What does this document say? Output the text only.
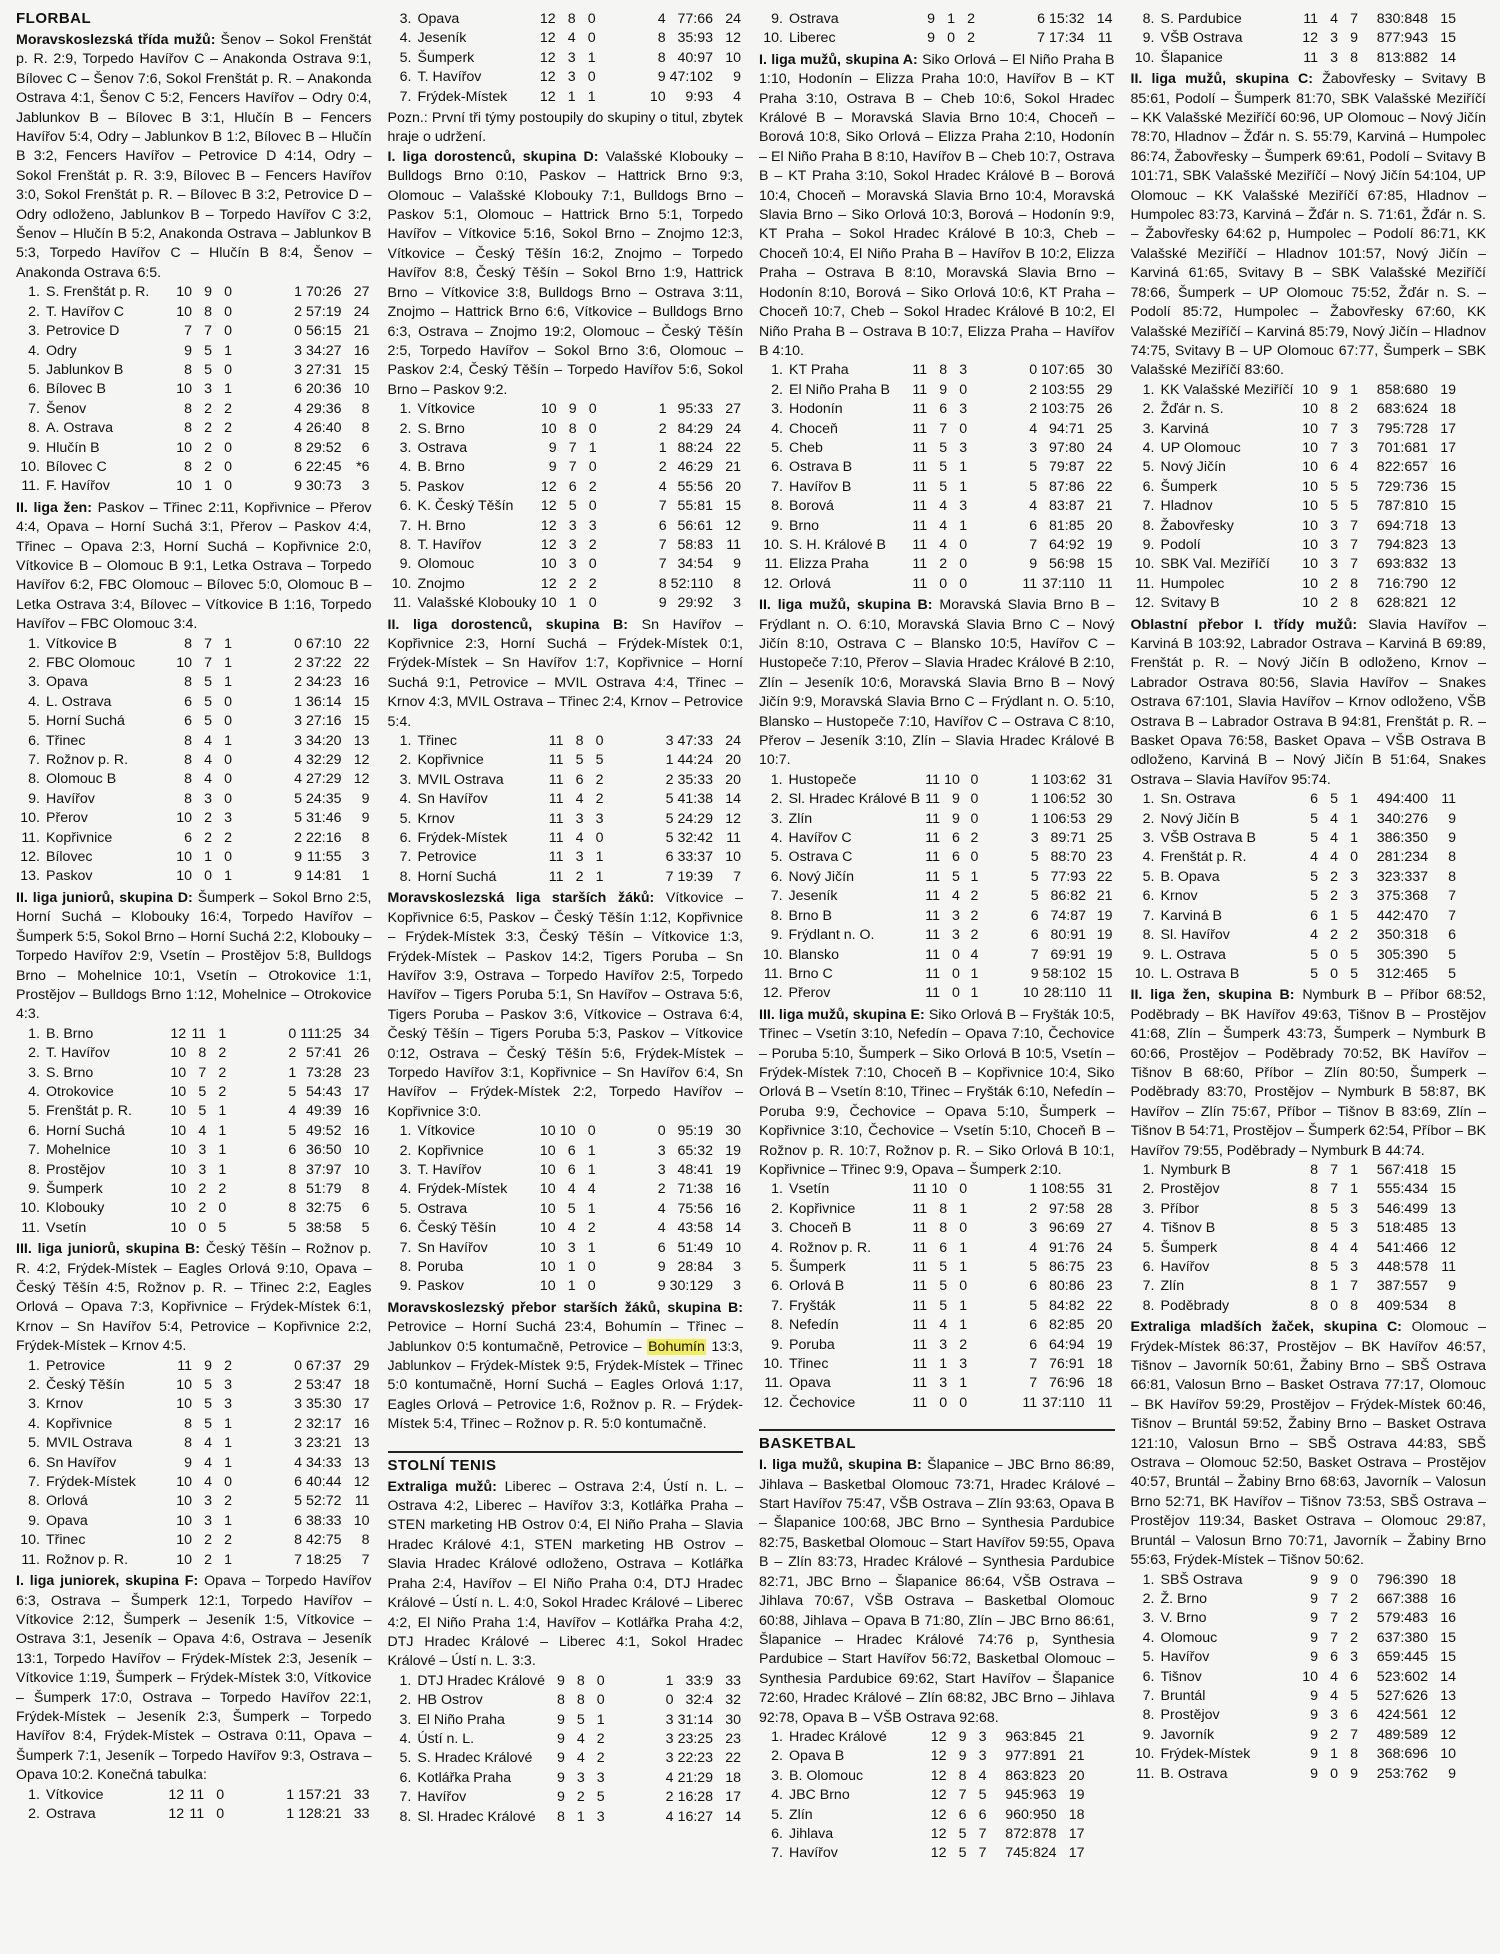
FLORBAL

Moravskoslezská třída mužů: Šenov – Sokol Frenštát p. R. 2:9, Torpedo Havířov C – Anakonda Ostrava 9:1, Bílovec C – Šenov 7:6, Sokol Frenštát p. R. – Anakonda Ostrava 4:1, Šenov C 5:2, Fencers Havířov – Odry 0:4, Jablunkov B – Bílovec B 3:1, Hlučín B – Fencers Havířov 5:4, Odry – Jablunkov B 1:2, Bílovec B – Hlučín B 3:2, Fencers Havířov – Petrovice D 4:14, Odry – Sokol Frenštát p. R. 3:9, Bílovec B – Fencers Havířov 3:0, Sokol Frenštát p. R. – Bílovec B 3:2, Petrovice D – Odry odloženo, Jablunkov B – Torpedo Havířov C 3:2, Šenov – Hlučín B 5:2, Anakonda Ostrava – Jablunkov B 5:3, Torpedo Havířov C – Hlučín B 8:4, Šenov – Anakonda Ostrava 6:5.

1.	S. Frenštát p. R.	10	9	0	1	70:26	27
2.	T. Havířov C	10	8	0	2	57:19	24
3.	Petrovice D	7	7	0	0	56:15	21
4.	Odry	9	5	1	3	34:27	16
5.	Jablunkov B	8	5	0	3	27:31	15
6.	Bílovec B	10	3	1	6	20:36	10
7.	Šenov	8	2	2	4	29:36	8
8.	A. Ostrava	8	2	2	4	26:40	8
9.	Hlučín B	10	2	0	8	29:52	6
10.	Bílovec C	8	2	0	6	22:45	*6
11.	F. Havířov	10	1	0	9	30:73	3

II. liga žen: Paskov – Třinec 2:11, Kopřivnice – Přerov 4:4, Opava – Horní Suchá 3:1, Přerov – Paskov 4:4, Třinec – Opava 2:3, Horní Suchá – Kopřivnice 2:0, Vítkovice B – Olomouc B 9:1, Letka Ostrava – Torpedo Havířov 6:2, FBC Olomouc – Bílovec 5:0, Olomouc B – Letka Ostrava 3:4, Bílovec – Vítkovice B 1:16, Torpedo Havířov – FBC Olomouc 3:4.

1.	Vítkovice B	8	7	1	0	67:10	22
2.	FBC Olomouc	10	7	1	2	37:22	22
3.	Opava	8	5	1	2	34:23	16
4.	L. Ostrava	6	5	0	1	36:14	15
5.	Horní Suchá	6	5	0	3	27:16	15
6.	Třinec	8	4	1	3	34:20	13
7.	Rožnov p. R.	8	4	0	4	32:29	12
8.	Olomouc B	8	4	0	4	27:29	12
9.	Havířov	8	3	0	5	24:35	9
10.	Přerov	10	2	3	5	31:46	9
11.	Kopřivnice	6	2	2	2	22:16	8
12.	Bílovec	10	1	0	9	11:55	3
13.	Paskov	10	0	1	9	14:81	1

II. liga juniorů, skupina D: Šumperk – Sokol Brno 2:5, Horní Suchá – Klobouky 16:4, Torpedo Havířov – Šumperk 5:5, Sokol Brno – Horní Suchá 2:2, Klobouky – Torpedo Havířov 2:9, Vsetín – Prostějov 5:8, Bulldogs Brno – Mohelnice 10:1, Vsetín – Otrokovice 1:1, Prostějov – Bulldogs Brno 1:12, Mohelnice – Otrokovice 4:3.

1.	B. Brno	12	11	1	0	111:25	34
2.	T. Havířov	10	8	2	2	57:41	26
3.	S. Brno	10	7	2	1	73:28	23
4.	Otrokovice	10	5	2	5	54:43	17
5.	Frenštát p. R.	10	5	1	4	49:39	16
6.	Horní Suchá	10	4	1	5	49:52	16
7.	Mohelnice	10	3	1	6	36:50	10
8.	Prostějov	10	3	1	8	37:97	10
9.	Šumperk	10	2	2	8	51:79	8
10.	Klobouky	10	2	0	8	32:75	6
11.	Vsetín	10	0	5	5	38:58	5

III. liga juniorů, skupina B: Český Těšín – Rožnov p. R. 4:2, Frýdek-Místek – Eagles Orlová 9:10, Opava – Český Těšín 4:5, Rožnov p. R. – Třinec 2:2, Eagles Orlová – Opava 7:3, Kopřivnice – Frýdek-Místek 6:1, Krnov – Sn Havířov 5:4, Petrovice – Kopřivnice 2:2, Frýdek-Místek – Krnov 4:5.

1.	Petrovice	11	9	2	0	67:37	29
2.	Český Těšín	10	5	3	2	53:47	18
3.	Krnov	10	5	3	3	35:30	17
4.	Kopřivnice	8	5	1	2	32:17	16
5.	MVIL Ostrava	8	4	1	3	23:21	13
6.	Sn Havířov	9	4	1	4	34:33	13
7.	Frýdek-Místek	10	4	0	6	40:44	12
8.	Orlová	10	3	2	5	52:72	11
9.	Opava	10	3	1	6	38:33	10
10.	Třinec	10	2	2	8	42:75	8
11.	Rožnov p. R.	10	2	1	7	18:25	7

I. liga juniorek, skupina F: Opava – Torpedo Havířov 6:3, Ostrava – Šumperk 12:1, Torpedo Havířov – Vítkovice 2:12, Šumperk – Jeseník 1:5, Vítkovice – Ostrava 3:1, Jeseník – Opava 4:6, Ostrava – Jeseník 13:1, Torpedo Havířov – Frýdek-Místek 2:3, Jeseník – Vítkovice 1:19, Šumperk – Frýdek-Místek 3:0, Vítkovice – Šumperk 17:0, Ostrava – Torpedo Havířov 22:1, Frýdek-Místek – Jeseník 2:3, Šumperk – Torpedo Havířov 8:4, Frýdek-Místek – Ostrava 0:11, Opava – Šumperk 7:1, Jeseník – Torpedo Havířov 9:3, Ostrava – Opava 10:2. Konečná tabulka:

1.	Vítkovice	12	11	0	1	157:21	33
2.	Ostrava	12	11	0	1	128:21	33
3.	Opava	12	8	0	4	77:66	24
4.	Jeseník	12	4	0	8	35:93	12
5.	Šumperk	12	3	1	8	40:97	10
6.	T. Havířov	12	3	0	9	47:102	9
7.	Frýdek-Místek	12	1	1	10	9:93	4

Pozn.: První tři týmy postoupily do skupiny o titul, zbytek hraje o udržení.

I. liga dorostenců, skupina D: Valašské Klobouky – Bulldogs Brno 0:10, Paskov – Hattrick Brno 9:3, Olomouc – Valašské Klobouky 7:1, Bulldogs Brno – Paskov 5:1, Olomouc – Hattrick Brno 5:1, Torpedo Havířov – Vítkovice 5:16, Sokol Brno – Znojmo 12:3, Vítkovice – Český Těšín 16:2, Znojmo – Torpedo Havířov 8:8, Český Těšín – Sokol Brno 1:9, Hattrick Brno – Vítkovice 3:8, Bulldogs Brno – Ostrava 3:11, Znojmo – Hattrick Brno 6:6, Vítkovice – Bulldogs Brno 6:3, Ostrava – Znojmo 19:2, Olomouc – Český Těšín 2:5, Torpedo Havířov – Sokol Brno 3:6, Olomouc – Paskov 2:4, Český Těšín – Torpedo Havířov 5:6, Sokol Brno – Paskov 9:2.

1.	Vítkovice	10	9	0	1	95:33	27
2.	S. Brno	10	8	0	2	84:29	24
3.	Ostrava	9	7	1	1	88:24	22
4.	B. Brno	9	7	0	2	46:29	21
5.	Paskov	12	6	2	4	55:56	20
6.	K. Český Těšín	12	5	0	7	55:81	15
7.	H. Brno	12	3	3	6	56:61	12
8.	T. Havířov	12	3	2	7	58:83	11
9.	Olomouc	10	3	0	7	34:54	9
10.	Znojmo	12	2	2	8	52:110	8
11.	Valašské Klobouky	10	1	0	9	29:92	3

II. liga dorostenců, skupina B: Sn Havířov – Kopřivnice 2:3, Horní Suchá – Frýdek-Místek 0:1, Frýdek-Místek – Sn Havířov 1:7, Kopřivnice – Horní Suchá 9:1, Petrovice – MVIL Ostrava 4:4, Třinec – Krnov 4:3, MVIL Ostrava – Třinec 2:4, Krnov – Petrovice 5:4.

1.	Třinec	11	8	0	3	47:33	24
2.	Kopřivnice	11	5	5	1	44:24	20
3.	MVIL Ostrava	11	6	2	2	35:33	20
4.	Sn Havířov	11	4	2	5	41:38	14
5.	Krnov	11	3	3	5	24:29	12
6.	Frýdek-Místek	11	4	0	5	32:42	11
7.	Petrovice	11	3	1	6	33:37	10
8.	Horní Suchá	11	2	1	7	19:39	7

Moravskoslezská liga starších žáků: Vítkovice – Kopřivnice 6:5, Paskov – Český Těšín 1:12, Kopřivnice – Frýdek-Místek 3:3, Český Těšín – Vítkovice 1:3, Frýdek-Místek – Paskov 14:2, Tigers Poruba – Sn Havířov 3:9, Ostrava – Torpedo Havířov 2:5, Torpedo Havířov – Tigers Poruba 5:1, Sn Havířov – Ostrava 5:6, Tigers Poruba – Paskov 3:6, Vítkovice – Ostrava 6:4, Český Těšín – Tigers Poruba 5:3, Paskov – Vítkovice 0:12, Ostrava – Český Těšín 5:6, Frýdek-Místek – Torpedo Havířov 3:1, Kopřivnice – Sn Havířov 6:4, Sn Havířov – Frýdek-Místek 2:2, Torpedo Havířov – Kopřivnice 3:0.

1.	Vítkovice	10	10	0	0	95:19	30
2.	Kopřivnice	10	6	1	3	65:32	19
3.	T. Havířov	10	6	1	3	48:41	19
4.	Frýdek-Místek	10	4	4	2	71:38	16
5.	Ostrava	10	5	1	4	75:56	16
6.	Český Těšín	10	4	2	4	43:58	14
7.	Sn Havířov	10	3	1	6	51:49	10
8.	Poruba	10	1	0	9	28:84	3
9.	Paskov	10	1	0	9	30:129	3

Moravskoslezský přebor starších žáků, skupina B: Petrovice – Horní Suchá 23:4, Bohumín – Třinec – Jablunkov 0:5 kontumačně, Petrovice – Bohumín 13:3, Jablunkov – Frýdek-Místek 9:5, Frýdek-Místek – Třinec 5:0 kontumačně, Horní Suchá – Eagles Orlová 1:17, Eagles Orlová – Petrovice 1:6, Rožnov p. R. – Frýdek-Místek 5:4, Třinec – Rožnov p. R. 5:0 kontumačně.

STOLNÍ TENIS

Extraliga mužů: Liberec – Ostrava 2:4, Ústí n. L. – Ostrava 4:2, Liberec – Havířov 3:3, Kotlářka Praha – STEN marketing HB Ostrov 0:4, El Niño Praha – Slavia Hradec Králové 4:1, STEN marketing HB Ostrov – Slavia Hradec Králové odloženo, Ostrava – Kotlářka Praha 2:4, Havířov – El Niño Praha 0:4, DTJ Hradec Králové – Ústí n. L. 4:0, Sokol Hradec Králové – Liberec 4:2, El Niño Praha 1:4, Havířov – Kotlářka Praha 4:2, DTJ Hradec Králové – Liberec 4:1, Sokol Hradec Králové – Ústí n. L. 3:3.

1.	DTJ Hradec Králové	9	8	0	1	33:9	33
2.	HB Ostrov	8	8	0	0	32:4	32
3.	El Niño Praha	9	5	1	3	31:14	30
4.	Ústí n. L.	9	4	2	3	23:25	23
5.	S. Hradec Králové	9	4	2	3	22:23	22
6.	Kotlářka Praha	9	3	3	4	21:29	18
7.	Havířov	9	2	5	2	16:28	17
8.	Sl. Hradec Králové	8	1	3	4	16:27	14
9.	Ostrava	9	1	2	6	15:32	14
10.	Liberec	9	0	2	7	17:34	11

I. liga mužů, skupina A: Siko Orlová – El Niño Praha B 1:10, Hodonín – Elizza Praha 10:0, Havířov B – KT Praha 3:10, Ostrava B – Cheb 10:6, Sokol Hradec Králové B – Moravská Slavia Brno 10:4, Choceň – Borová 10:8, Siko Orlová – Elizza Praha 2:10, Hodonín – El Niño Praha B 8:10, Havířov B – Cheb 10:7, Ostrava B – KT Praha 3:10, Sokol Hradec Králové B – Borová 10:4, Choceň – Moravská Slavia Brno 10:4, Moravská Slavia Brno – Siko Orlová 10:3, Borová – Hodonín 9:9, KT Praha – Sokol Hradec Králové B 10:3, Cheb – Choceň 10:4, El Niño Praha B – Havířov B 10:2, Elizza Praha – Ostrava B 8:10, Moravská Slavia Brno – Hodonín 8:10, Borová – Siko Orlová 10:6, KT Praha – Choceň 10:7, Cheb – Sokol Hradec Králové B 10:2, El Niño Praha B – Ostrava B 10:7, Elizza Praha – Havířov B 4:10.

1.	KT Praha	11	8	3	0	107:65	30
2.	El Niño Praha B	11	9	0	2	103:55	29
3.	Hodonín	11	6	3	2	103:75	26
4.	Choceň	11	7	0	4	94:71	25
5.	Cheb	11	5	3	3	97:80	24
6.	Ostrava B	11	5	1	5	79:87	22
7.	Havířov B	11	5	1	5	87:86	22
8.	Borová	11	4	3	4	83:87	21
9.	Brno	11	4	1	6	81:85	20
10.	S. H. Králové B	11	4	0	7	64:92	19
11.	Elizza Praha	11	2	0	9	56:98	15
12.	Orlová	11	0	0	11	37:110	11

II. liga mužů, skupina B: Moravská Slavia Brno B – Frýdlant n. O. 6:10, Moravská Slavia Brno C – Nový Jičín 8:10, Ostrava C – Blansko 10:5, Havířov C – Hustopeče 7:10, Přerov – Slavia Hradec Králové B 2:10, Zlín – Jeseník 10:6, Moravská Slavia Brno B – Nový Jičín 9:9, Moravská Slavia Brno C – Frýdlant n. O. 5:10, Blansko – Hustopeče 7:10, Havířov C – Ostrava C 8:10, Přerov – Jeseník 3:10, Zlín – Slavia Hradec Králové B 10:7.

1.	Hustopeče	11	10	0	1	103:62	31
2.	Sl. Hradec Králové B	11	9	0	1	106:52	30
3.	Zlín	11	9	0	1	106:53	29
4.	Havířov C	11	6	2	3	89:71	25
5.	Ostrava C	11	6	0	5	88:70	23
6.	Nový Jičín	11	5	1	5	77:93	22
7.	Jeseník	11	4	2	5	86:82	21
8.	Brno B	11	3	2	6	74:87	19
9.	Frýdlant n. O.	11	3	2	6	80:91	19
10.	Blansko	11	0	4	7	69:91	19
11.	Brno C	11	0	1	9	58:102	15
12.	Přerov	11	0	1	10	28:110	11

III. liga mužů, skupina E: Siko Orlová B – Fryšták 10:5, Třinec – Vsetín 3:10, Nefedín – Opava 7:10, Čechovice – Poruba 5:10, Šumperk – Siko Orlová B 10:5, Vsetín – Frýdek-Místek 7:10, Choceň B – Kopřivnice 10:4, Siko Orlová B – Vsetín 8:10, Třinec – Fryšták 6:10, Nefedín – Poruba 9:9, Čechovice – Opava 5:10, Šumperk – Kopřivnice 3:10, Čechovice – Vsetín 5:10, Choceň B – Rožnov p. R. 10:7, Rožnov p. R. – Siko Orlová B 10:1, Kopřivnice – Třinec 9:9, Opava – Šumperk 2:10.

1.	Vsetín	11	10	0	1	108:55	31
2.	Kopřivnice	11	8	1	2	97:58	28
3.	Choceň B	11	8	0	3	96:69	27
4.	Rožnov p. R.	11	6	1	4	91:76	24
5.	Šumperk	11	5	1	5	86:75	23
6.	Orlová B	11	5	0	6	80:86	23
7.	Fryšták	11	5	1	5	84:82	22
8.	Nefedín	11	4	1	6	82:85	20
9.	Poruba	11	3	2	6	64:94	19
10.	Třinec	11	1	3	7	76:91	18
11.	Opava	11	3	1	7	76:96	18
12.	Čechovice	11	0	0	11	37:110	11
BASKETBAL

I. liga mužů, skupina B: Šlapanice – JBC Brno 86:89, Jihlava – Basketbal Olomouc 73:71, Hradec Králové – Start Havířov 75:47, VŠB Ostrava – Zlín 93:63, Opava B – Šlapanice 100:68, JBC Brno – Synthesia Pardubice 82:75, Basketbal Olomouc – Start Havířov 59:55, Opava B – Zlín 83:73, Hradec Králové – Synthesia Pardubice 82:71, JBC Brno – Šlapanice 86:64, VŠB Ostrava – Jihlava 70:67, VŠB Ostrava – Basketbal Olomouc 60:88, Jihlava – Opava B 71:80, Zlín – JBC Brno 86:61, Šlapanice – Hradec Králové 74:76 p, Synthesia Pardubice – Start Havířov 56:72, Basketbal Olomouc – Synthesia Pardubice 69:62, Start Havířov – Šlapanice 72:60, Hradec Králové – Zlín 68:82, JBC Brno – Jihlava 92:78, Opava B – VŠB Ostrava 92:68.

1.	Hradec Králové	12	9	3	963:845	21	
2.	Opava B	12	9	3	977:891	21	
3.	B. Olomouc	12	8	4	863:823	20	
4.	JBC Brno	12	7	5	945:963	19	
5.	Zlín	12	6	6	960:950	18	
6.	Jihlava	12	5	7	872:878	17	
7.	Havířov	12	5	7	745:824	17	
8.	S. Pardubice	11	4	7	830:848	15	
9.	VŠB Ostrava	12	3	9	877:943	15	
10.	Šlapanice	11	3	8	813:882	14	

II. liga mužů, skupina C: Žabovřesky – Svitavy B 85:61, Podolí – Šumperk 81:70, SBK Valašské Meziříčí – KK Valašské Meziříčí 60:96, UP Olomouc – Nový Jičín 78:70, Hladnov – Žďár n. S. 55:79, Karviná – Humpolec 86:74, Žabovřesky – Šumperk 69:61, Podolí – Svitavy B 101:71, SBK Valašské Meziříčí – Nový Jičín 54:104, UP Olomouc – KK Valašské Meziříčí 67:85, Hladnov – Humpolec 83:73, Karviná – Žďár n. S. 71:61, Žďár n. S. – Žabovřesky 64:62 p, Humpolec – Podolí 86:71, KK Valašské Meziříčí – Hladnov 101:57, Nový Jičín – Karviná 61:65, Svitavy B – SBK Valašské Meziříčí 78:66, Šumperk – UP Olomouc 75:52, Žďár n. S. – Podolí 85:72, Humpolec – Žabovřesky 67:60, KK Valašské Meziříčí – Karviná 85:79, Nový Jičín – Hladnov 74:75, Svitavy B – UP Olomouc 67:77, Šumperk – SBK Valašské Meziříčí 83:60.

1.	KK Valašské Meziříčí	10	9	1	858:680	19	
2.	Žďár n. S.	10	8	2	683:624	18	
3.	Karviná	10	7	3	795:728	17	
4.	UP Olomouc	10	7	3	701:681	17	
5.	Nový Jičín	10	6	4	822:657	16	
6.	Šumperk	10	5	5	729:736	15	
7.	Hladnov	10	5	5	787:810	15	
8.	Žabovřesky	10	3	7	694:718	13	
9.	Podolí	10	3	7	794:823	13	
10.	SBK Val. Meziříčí	10	3	7	693:832	13	
11.	Humpolec	10	2	8	716:790	12	
12.	Svitavy B	10	2	8	628:821	12	

Oblastní přebor I. třídy mužů: Slavia Havířov – Karviná B 103:92, Labrador Ostrava – Karviná B 69:89, Frenštát p. R. – Nový Jičín B odloženo, Krnov – Labrador Ostrava 80:56, Slavia Havířov – Snakes Ostrava 67:101, Slavia Havířov – Krnov odloženo, VŠB Ostrava B – Labrador Ostrava B 94:81, Frenštát p. R. – Basket Opava 76:58, Basket Opava – VŠB Ostrava B odloženo, Karviná B – Nový Jičín B 51:64, Snakes Ostrava – Slavia Havířov 95:74.

1.	Sn. Ostrava	6	5	1	494:400	11	
2.	Nový Jičín B	5	4	1	340:276	9	
3.	VŠB Ostrava B	5	4	1	386:350	9	
4.	Frenštát p. R.	4	4	0	281:234	8	
5.	B. Opava	5	2	3	323:337	8	
6.	Krnov	5	2	3	375:368	7	
7.	Karviná B	6	1	5	442:470	7	
8.	Sl. Havířov	4	2	2	350:318	6	
9.	L. Ostrava	5	0	5	305:390	5	
10.	L. Ostrava B	5	0	5	312:465	5	

II. liga žen, skupina B: Nymburk B – Příbor 68:52, Poděbrady – BK Havířov 49:63, Tišnov B – Prostějov 41:68, Zlín – Šumperk 43:73, Šumperk – Nymburk B 60:66, Prostějov – Poděbrady 70:52, BK Havířov – Tišnov B 68:60, Příbor – Zlín 80:50, Šumperk – Poděbrady 83:70, Prostějov – Nymburk B 58:87, BK Havířov – Zlín 75:67, Příbor – Tišnov B 83:69, Zlín – Tišnov B 54:71, Prostějov – Šumperk 62:54, Příbor – BK Havířov 79:55, Poděbrady – Nymburk B 44:74.

1.	Nymburk B	8	7	1	567:418	15	
2.	Prostějov	8	7	1	555:434	15	
3.	Příbor	8	5	3	546:499	13	
4.	Tišnov B	8	5	3	518:485	13	
5.	Šumperk	8	4	4	541:466	12	
6.	Havířov	8	5	3	448:578	11	
7.	Zlín	8	1	7	387:557	9	
8.	Poděbrady	8	0	8	409:534	8	

Extraliga mladších žaček, skupina C: Olomouc – Frýdek-Místek 86:37, Prostějov – BK Havířov 46:57, Tišnov – Javorník 50:61, Žabiny Brno – SBŠ Ostrava 66:81, Valosun Brno – Basket Ostrava 77:17, Olomouc – BK Havířov 59:29, Prostějov – Frýdek-Místek 60:46, Tišnov – Bruntál 59:52, Žabiny Brno – Basket Ostrava 121:10, Valosun Brno – SBŠ Ostrava 44:83, SBŠ Ostrava – Olomouc 52:50, Basket Ostrava – Prostějov 40:57, Bruntál – Žabiny Brno 68:63, Javorník – Valosun Brno 52:71, BK Havířov – Tišnov 73:53, SBŠ Ostrava – Prostějov 119:34, Basket Ostrava – Olomouc 29:87, Bruntál – Valosun Brno 70:71, Javorník – Žabiny Brno 55:63, Frýdek-Místek – Tišnov 50:62.

1.	SBŠ Ostrava	9	9	0	796:390	18	
2.	Ž. Brno	9	7	2	667:388	16	
3.	V. Brno	9	7	2	579:483	16	
4.	Olomouc	9	7	2	637:380	15	
5.	Havířov	9	6	3	659:445	15	
6.	Tišnov	10	4	6	523:602	14	
7.	Bruntál	9	4	5	527:626	13	
8.	Prostějov	9	3	6	424:561	12	
9.	Javorník	9	2	7	489:589	12	
10.	Frýdek-Místek	9	1	8	368:696	10	
11.	B. Ostrava	9	0	9	253:762	9	
